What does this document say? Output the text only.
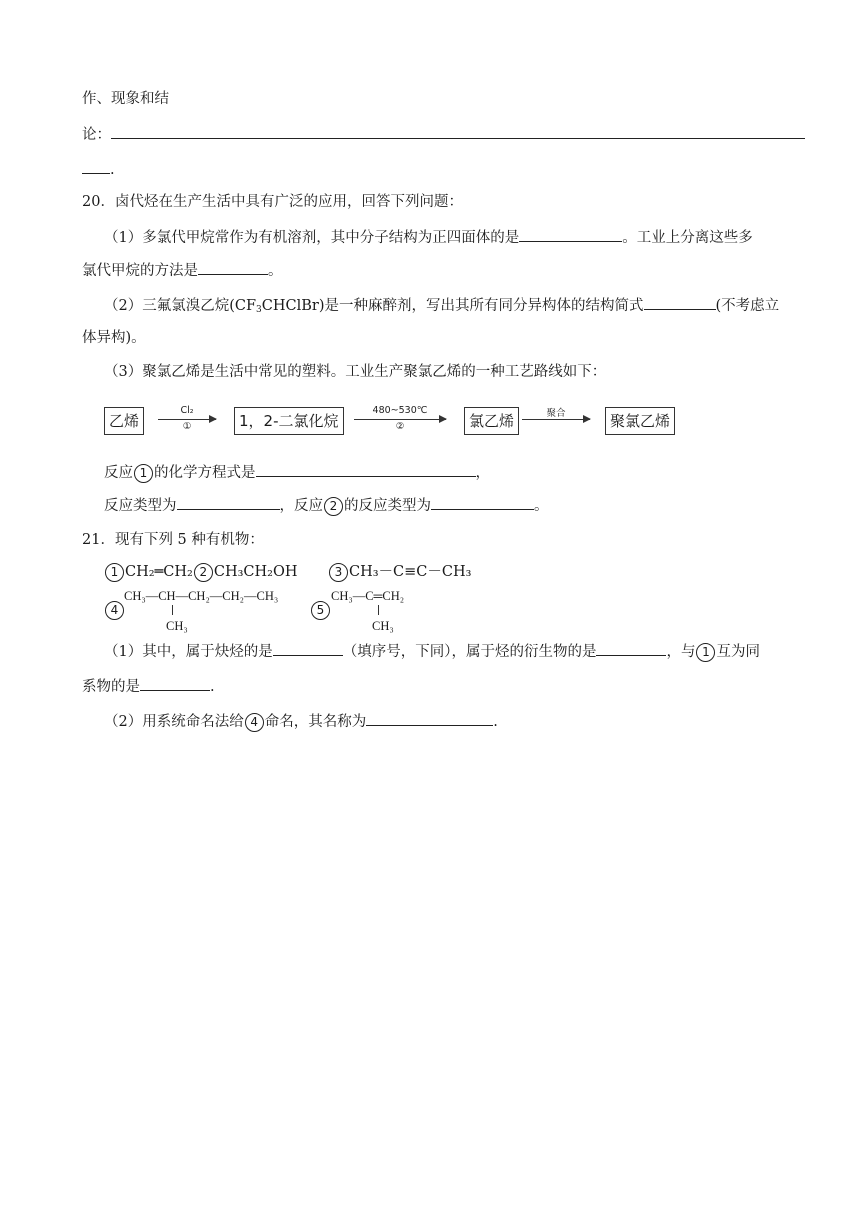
作、现象和结
论：
.
20．卤代烃在生产生活中具有广泛的应用，回答下列问题：
（1）多氯代甲烷常作为有机溶剂，其中分子结构为正四面体的是	。工业上分离这些多
氯代甲烷的方法是	。
（2）三氟氯溴乙烷$(CF_3CHClBr)$是一种麻醉剂，写出其所有同分异构体的结构简式	(不考虑立
体异构)。
（3）聚氯乙烯是生活中常见的塑料。工业生产聚氯乙烯的一种工艺路线如下：
乙烯
Cl₂
①	1，2-二氯化烷
480~530℃
②	氯乙烯	聚合	聚氯乙烯
反应 1 的化学方程式是	，
反应类型为	，反应 2 的反应类型为	。
21．现有下列 5 种有机物：
1 CH₂═CH₂ 2 CH₃CH₂OH	3 CH₃－C≡C－CH₃
4
CH₃—CH—CH₂—CH₂—CH₃
CH₃
5
CH₃—C═CH₂
CH₃
（1）其中，属于炔烃的是	（填序号，下同），属于烃的衍生物的是	，与 1 互为同
系物的是	.
（2）用系统命名法给 4 命名，其名称为	.
